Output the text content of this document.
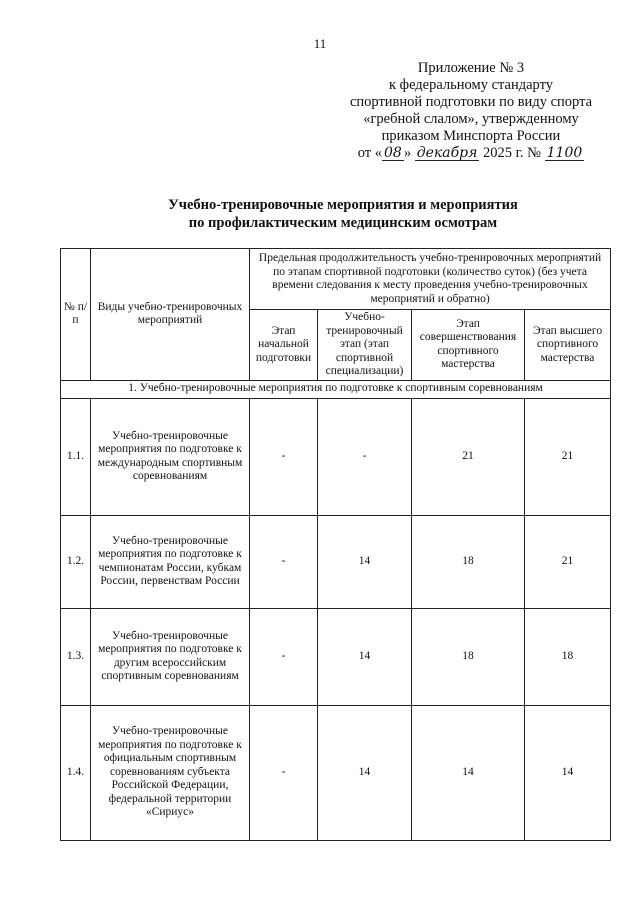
11
Приложение № 3
к федеральному стандарту
спортивной подготовки по виду спорта
«гребной слалом», утвержденному
приказом Минспорта России
от « 08 » декабря 2025 г. № 1100
Учебно-тренировочные мероприятия и мероприятия
по профилактическим медицинским осмотрам
№ п/п	Виды учебно-тренировочных мероприятий	Предельная продолжительность учебно-тренировочных мероприятий по этапам спортивной подготовки (количество суток) (без учета времени следования к месту проведения учебно-тренировочных мероприятий и обратно)			
		Этап начальной подготовки	Учебно-тренировочный этап (этап спортивной специализации)	Этап совершенствования спортивного мастерства	Этап высшего спортивного мастерства
1. Учебно-тренировочные мероприятия по подготовке к спортивным соревнованиям					
1.1.	Учебно-тренировочные мероприятия по подготовке к международным спортивным соревнованиям	-	-	21	21
1.2.	Учебно-тренировочные мероприятия по подготовке к чемпионатам России, кубкам России, первенствам России	-	14	18	21
1.3.	Учебно-тренировочные мероприятия по подготовке к другим всероссийским спортивным соревнованиям	-	14	18	18
1.4.	Учебно-тренировочные мероприятия по подготовке к официальным спортивным соревнованиям субъекта Российской Федерации, федеральной территории «Сириус»	-	14	14	14
